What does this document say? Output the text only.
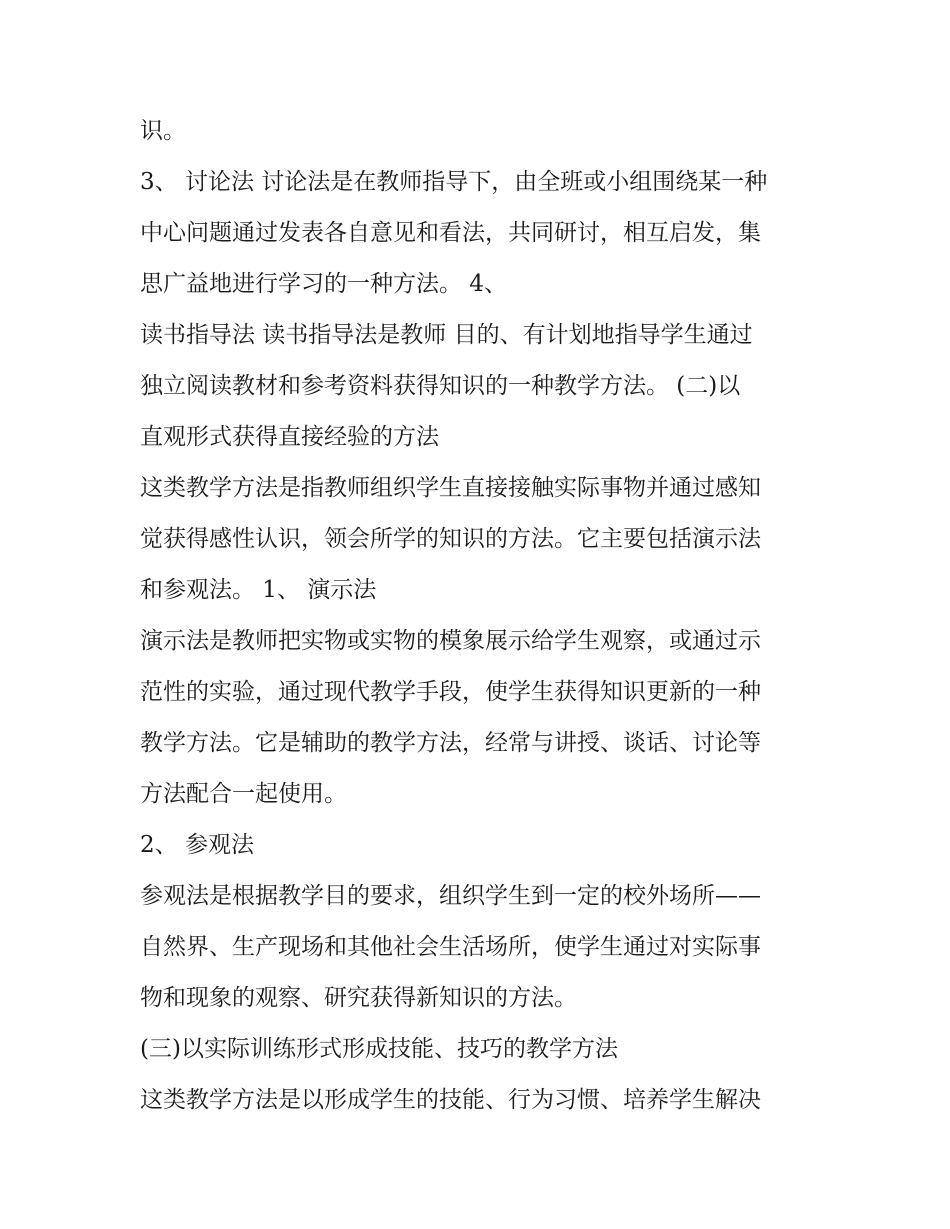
识。
3、 讨论法 讨论法是在教师指导下，由全班或小组围绕某一种
中心问题通过发表各自意见和看法，共同研讨，相互启发，集
思广益地进行学习的一种方法。 4、
读书指导法 读书指导法是教师 目的、有计划地指导学生通过
独立阅读教材和参考资料获得知识的一种教学方法。 (二)以
直观形式获得直接经验的方法
这类教学方法是指教师组织学生直接接触实际事物并通过感知
觉获得感性认识，领会所学的知识的方法。它主要包括演示法
和参观法。 1、 演示法
演示法是教师把实物或实物的模象展示给学生观察，或通过示
范性的实验，通过现代教学手段，使学生获得知识更新的一种
教学方法。它是辅助的教学方法，经常与讲授、谈话、讨论等
方法配合一起使用。
2、 参观法
参观法是根据教学目的要求，组织学生到一定的校外场所——
自然界、生产现场和其他社会生活场所，使学生通过对实际事
物和现象的观察、研究获得新知识的方法。
(三)以实际训练形式形成技能、技巧的教学方法
这类教学方法是以形成学生的技能、行为习惯、培养学生解决
